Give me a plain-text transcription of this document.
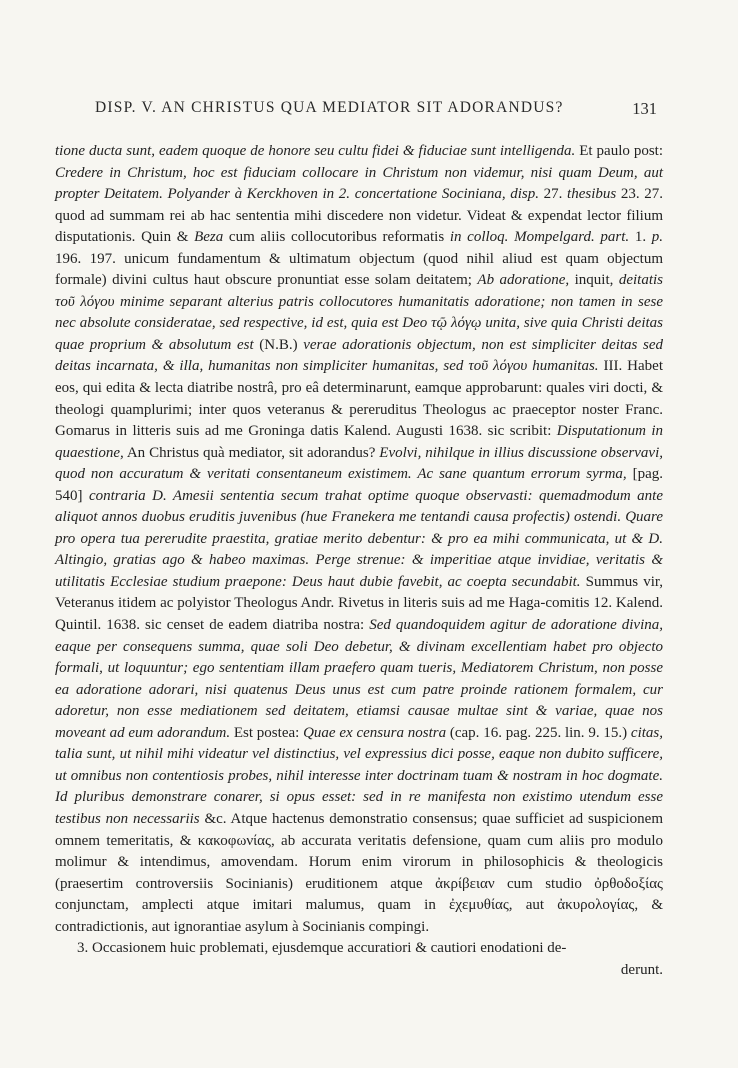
DISP. V. AN CHRISTUS QUA MEDIATOR SIT ADORANDUS?	131

tione ducta sunt, eadem quoque de honore seu cultu fidei & fiduciae sunt intelligenda. Et paulo post: Credere in Christum, hoc est fiduciam collocare in Christum non videmur, nisi quam Deum, aut propter Deitatem. Polyander à Kerckhoven in 2. concertatione Sociniana, disp. 27. thesibus 23. 27. quod ad summam rei ab hac sententia mihi discedere non videtur. Videat & expendat lector filium disputationis. Quin & Beza cum aliis collocutoribus reformatis in colloq. Mompelgard. part. 1. p. 196. 197. unicum fundamentum & ultimatum objectum (quod nihil aliud est quam objectum formale) divini cultus haut obscure pronuntiat esse solam deitatem; Ab adoratione, inquit, deitatis τοῦ λόγου minime separant alterius patris collocutores humanitatis adoratione; non tamen in sese nec absolute consideratae, sed respective, id est, quia est Deo τῷ λόγῳ unita, sive quia Christi deitas quae proprium & absolutum est (N.B.) verae adorationis objectum, non est simpliciter deitas sed deitas incarnata, & illa, humanitas non simpliciter humanitas, sed τοῦ λόγου humanitas. III. Habet eos, qui edita & lecta diatribe nostrâ, pro eâ determinarunt, eamque approbarunt: quales viri docti, & theologi quamplurimi; inter quos veteranus & pereruditus Theologus ac praeceptor noster Franc. Gomarus in litteris suis ad me Groninga datis Kalend. Augusti 1638. sic scribit: Disputationum in quaestione, An Christus quà mediator, sit adorandus? Evolvi, nihilque in illius discussione observavi, quod non accuratum & veritati consentaneum existimem. Ac sane quantum errorum syrma, [pag. 540] contraria D. Amesii sententia secum trahat optime quoque observasti: quemadmodum ante aliquot annos duobus eruditis juvenibus (hue Franekera me tentandi causa profectis) ostendi. Quare pro opera tua pererudite praestita, gratiae merito debentur: & pro ea mihi communicata, ut & D. Altingio, gratias ago & habeo maximas. Perge strenue: & imperitiae atque invidiae, veritatis & utilitatis Ecclesiae studium praepone: Deus haut dubie favebit, ac coepta secundabit. Summus vir, Veteranus itidem ac polyistor Theologus Andr. Rivetus in literis suis ad me Haga-comitis 12. Kalend. Quintil. 1638. sic censet de eadem diatriba nostra: Sed quandoquidem agitur de adoratione divina, eaque per consequens summa, quae soli Deo debetur, & divinam excellentiam habet pro objecto formali, ut loquuntur; ego sententiam illam praefero quam tueris, Mediatorem Christum, non posse ea adoratione adorari, nisi quatenus Deus unus est cum patre proinde rationem formalem, cur adoretur, non esse mediationem sed deitatem, etiamsi causae multae sint & variae, quae nos moveant ad eum adorandum. Est postea: Quae ex censura nostra (cap. 16. pag. 225. lin. 9. 15.) citas, talia sunt, ut nihil mihi videatur vel distinctius, vel expressius dici posse, eaque non dubito sufficere, ut omnibus non contentiosis probes, nihil interesse inter doctrinam tuam & nostram in hoc dogmate. Id pluribus demonstrare conarer, si opus esset: sed in re manifesta non existimo utendum esse testibus non necessariis &c. Atque hactenus demonstratio consensus; quae sufficiet ad suspicionem omnem temeritatis, & κακοφωνίας, ab accurata veritatis defensione, quam cum aliis pro modulo molimur & intendimus, amovendam. Horum enim virorum in philosophicis & theologicis (praesertim controversiis Socinianis) eruditionem atque ἀκρίβειαν cum studio ὀρθοδοξίας conjunctam, amplecti atque imitari malumus, quam in ἐχεμυθίας, aut ἀκυρολογίας, & contradictionis, aut ignorantiae asylum à Socinianis compingi.

3. Occasionem huic problemati, ejusdemque accuratiori & cautiori enodationi de-

derunt.
